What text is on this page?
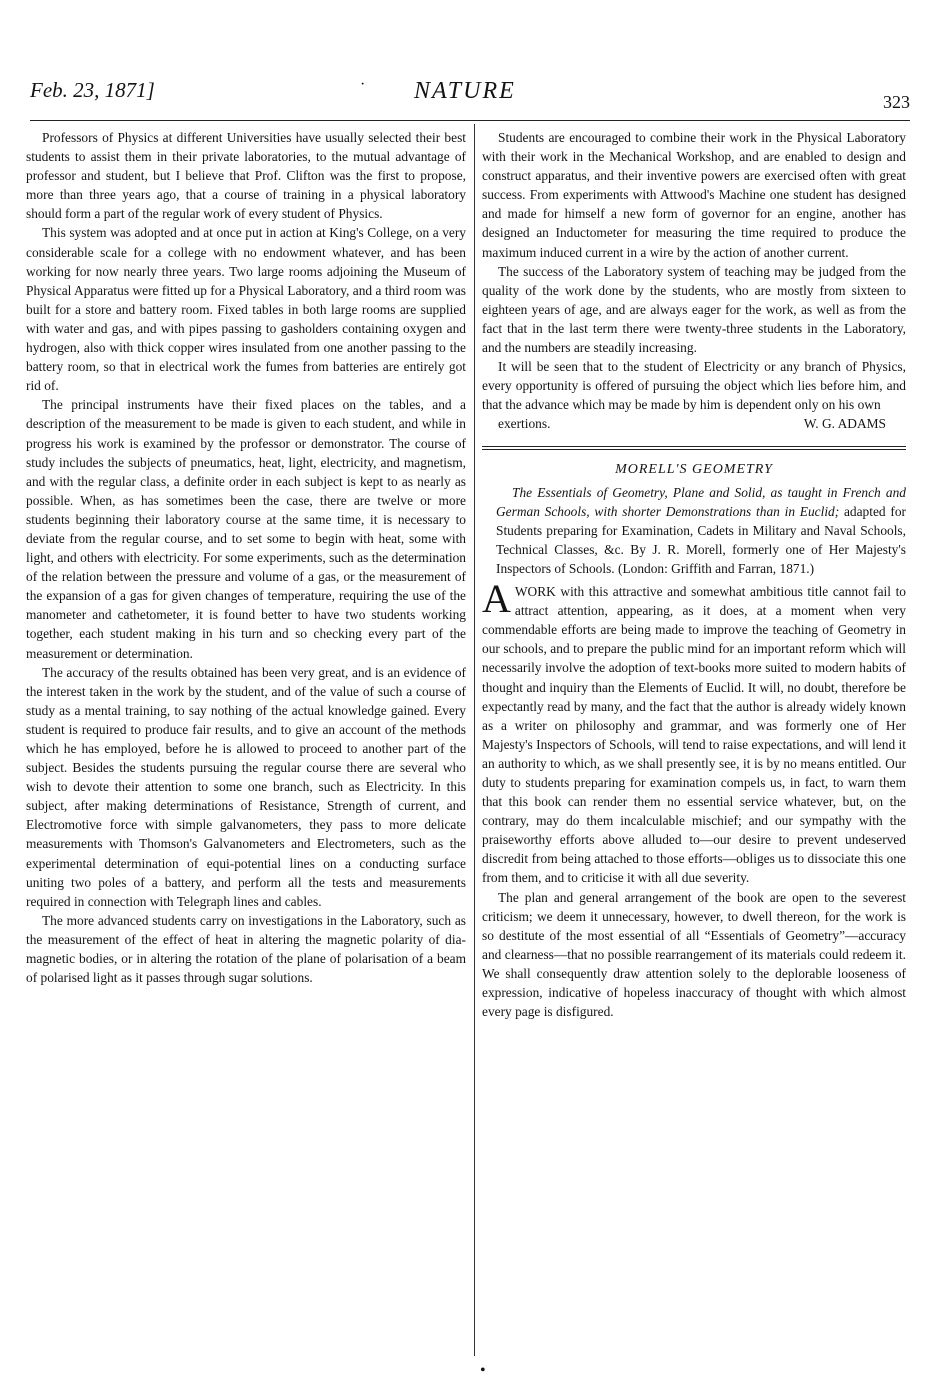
Feb. 23, 1871]	NATURE	323
·

Professors of Physics at different Universities have usually selected their best students to assist them in their private laboratories, to the mutual advantage of professor and student, but I believe that Prof. Clifton was the first to propose, more than three years ago, that a course of training in a physical laboratory should form a part of the regular work of every student of Physics.

This system was adopted and at once put in action at King's College, on a very considerable scale for a college with no endowment whatever, and has been working for now nearly three years. Two large rooms adjoining the Museum of Physical Apparatus were fitted up for a Physical Laboratory, and a third room was built for a store and battery room. Fixed tables in both large rooms are supplied with water and gas, and with pipes passing to gasholders containing oxygen and hydrogen, also with thick copper wires insulated from one another passing to the battery room, so that in electrical work the fumes from batteries are entirely got rid of.

The principal instruments have their fixed places on the tables, and a description of the measurement to be made is given to each student, and while in progress his work is examined by the professor or demonstrator. The course of study includes the subjects of pneumatics, heat, light, electricity, and magnetism, and with the regular class, a definite order in each subject is kept to as nearly as possible. When, as has sometimes been the case, there are twelve or more students beginning their laboratory course at the same time, it is necessary to deviate from the regular course, and to set some to begin with heat, some with light, and others with electricity. For some experiments, such as the determination of the relation between the pressure and volume of a gas, or the measurement of the expansion of a gas for given changes of temperature, requiring the use of the manometer and cathetometer, it is found better to have two students working together, each student making in his turn and so checking every part of the measurement or determination.

The accuracy of the results obtained has been very great, and is an evidence of the interest taken in the work by the student, and of the value of such a course of study as a mental training, to say nothing of the actual knowledge gained. Every student is required to produce fair results, and to give an account of the methods which he has employed, before he is allowed to proceed to another part of the subject. Besides the students pursuing the regular course there are several who wish to devote their attention to some one branch, such as Electricity. In this subject, after making determinations of Resistance, Strength of current, and Electromotive force with simple galvanometers, they pass to more delicate measurements with Thomson's Galvanometers and Electrometers, such as the experimental determination of equi-potential lines on a conducting surface uniting two poles of a battery, and perform all the tests and measurements required in connection with Telegraph lines and cables.

The more advanced students carry on investigations in the Laboratory, such as the measurement of the effect of heat in altering the magnetic polarity of dia-magnetic bodies, or in altering the rotation of the plane of polarisation of a beam of polarised light as it passes through sugar solutions.

Students are encouraged to combine their work in the Physical Laboratory with their work in the Mechanical Workshop, and are enabled to design and construct apparatus, and their inventive powers are exercised often with great success. From experiments with Attwood's Machine one student has designed and made for himself a new form of governor for an engine, another has designed an Inductometer for measuring the time required to produce the maximum induced current in a wire by the action of another current.

The success of the Laboratory system of teaching may be judged from the quality of the work done by the students, who are mostly from sixteen to eighteen years of age, and are always eager for the work, as well as from the fact that in the last term there were twenty-three students in the Laboratory, and the numbers are steadily increasing.

It will be seen that to the student of Electricity or any branch of Physics, every opportunity is offered of pursuing the object which lies before him, and that the advance which may be made by him is dependent only on his own

exertions.	W. G. ADAMS

MORELL'S GEOMETRY

The Essentials of Geometry, Plane and Solid, as taught in French and German Schools, with shorter Demonstrations than in Euclid; adapted for Students preparing for Examination, Cadets in Military and Naval Schools, Technical Classes, &c. By J. R. Morell, formerly one of Her Majesty's Inspectors of Schools. (London: Griffith and Farran, 1871.)

AWORK with this attractive and somewhat ambitious title cannot fail to attract attention, appearing, as it does, at a moment when very commendable efforts are being made to improve the teaching of Geometry in our schools, and to prepare the public mind for an important reform which will necessarily involve the adoption of text-books more suited to modern habits of thought and inquiry than the Elements of Euclid. It will, no doubt, therefore be expectantly read by many, and the fact that the author is already widely known as a writer on philosophy and grammar, and was formerly one of Her Majesty's Inspectors of Schools, will tend to raise expectations, and will lend it an authority to which, as we shall presently see, it is by no means entitled. Our duty to students preparing for examination compels us, in fact, to warn them that this book can render them no essential service whatever, but, on the contrary, may do them incalculable mischief; and our sympathy with the praiseworthy efforts above alluded to—our desire to prevent undeserved discredit from being attached to those efforts—obliges us to dissociate this one from them, and to criticise it with all due severity.

The plan and general arrangement of the book are open to the severest criticism; we deem it unnecessary, however, to dwell thereon, for the work is so destitute of the most essential of all “Essentials of Geometry”—accuracy and clearness—that no possible rearrangement of its materials could redeem it. We shall consequently draw attention solely to the deplorable looseness of expression, indicative of hopeless inaccuracy of thought with which almost every page is disfigured.

•
